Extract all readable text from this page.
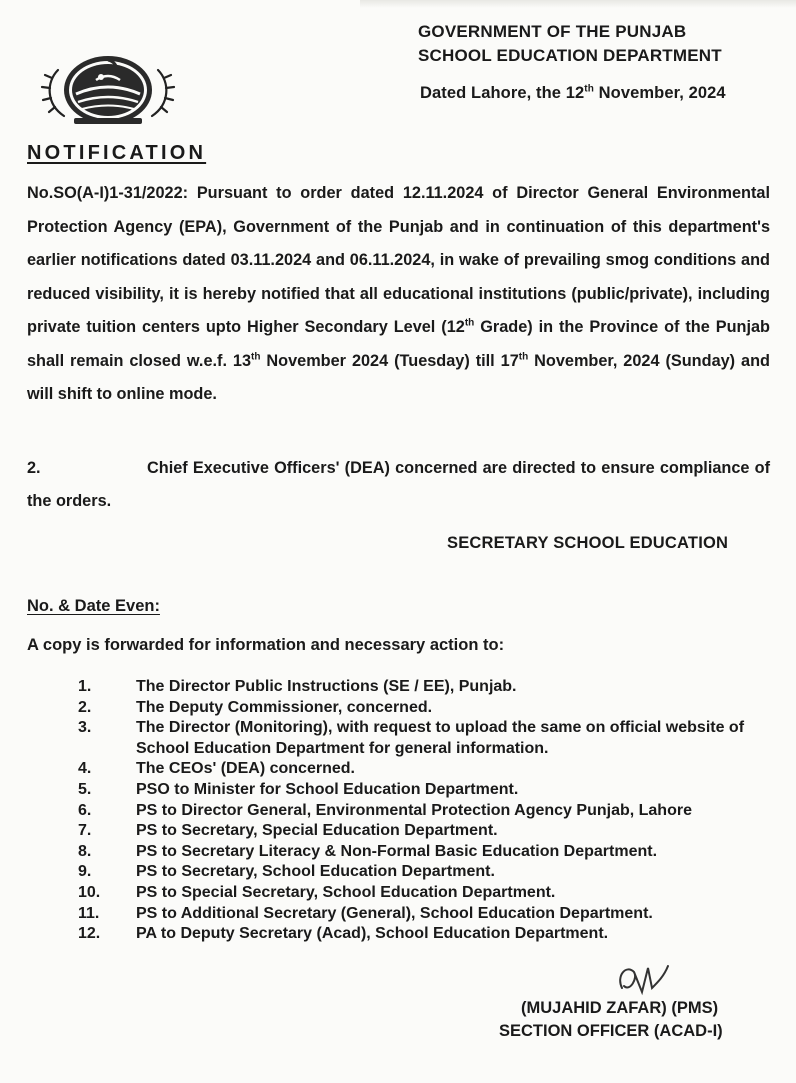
GOVERNMENT OF THE PUNJAB
SCHOOL EDUCATION DEPARTMENT
Dated Lahore, the 12th November, 2024
NOTIFICATION

No.SO(A-I)1-31/2022: Pursuant to order dated 12.11.2024 of Director General Environmental Protection Agency (EPA), Government of the Punjab and in continuation of this department's earlier notifications dated 03.11.2024 and 06.11.2024, in wake of prevailing smog conditions and reduced visibility, it is hereby notified that all educational institutions (public/private), including private tuition centers upto Higher Secondary Level (12th Grade) in the Province of the Punjab shall remain closed w.e.f. 13th November 2024 (Tuesday) till 17th November, 2024 (Sunday) and will shift to online mode.

2.	Chief Executive Officers' (DEA) concerned are directed to ensure compliance of the orders.

SECRETARY SCHOOL EDUCATION
No. & Date Even:
A copy is forwarded for information and necessary action to:
1.	The Director Public Instructions (SE / EE), Punjab.
2.	The Deputy Commissioner, concerned.
3.	The Director (Monitoring), with request to upload the same on official website of School Education Department for general information.
4.	The CEOs' (DEA) concerned.
5.	PSO to Minister for School Education Department.
6.	PS to Director General, Environmental Protection Agency Punjab, Lahore
7.	PS to Secretary, Special Education Department.
8.	PS to Secretary Literacy & Non-Formal Basic Education Department.
9.	PS to Secretary, School Education Department.
10.	PS to Special Secretary, School Education Department.
11.	PS to Additional Secretary (General), School Education Department.
12.	PA to Deputy Secretary (Acad), School Education Department.
(MUJAHID ZAFAR) (PMS)
SECTION OFFICER (ACAD-I)
